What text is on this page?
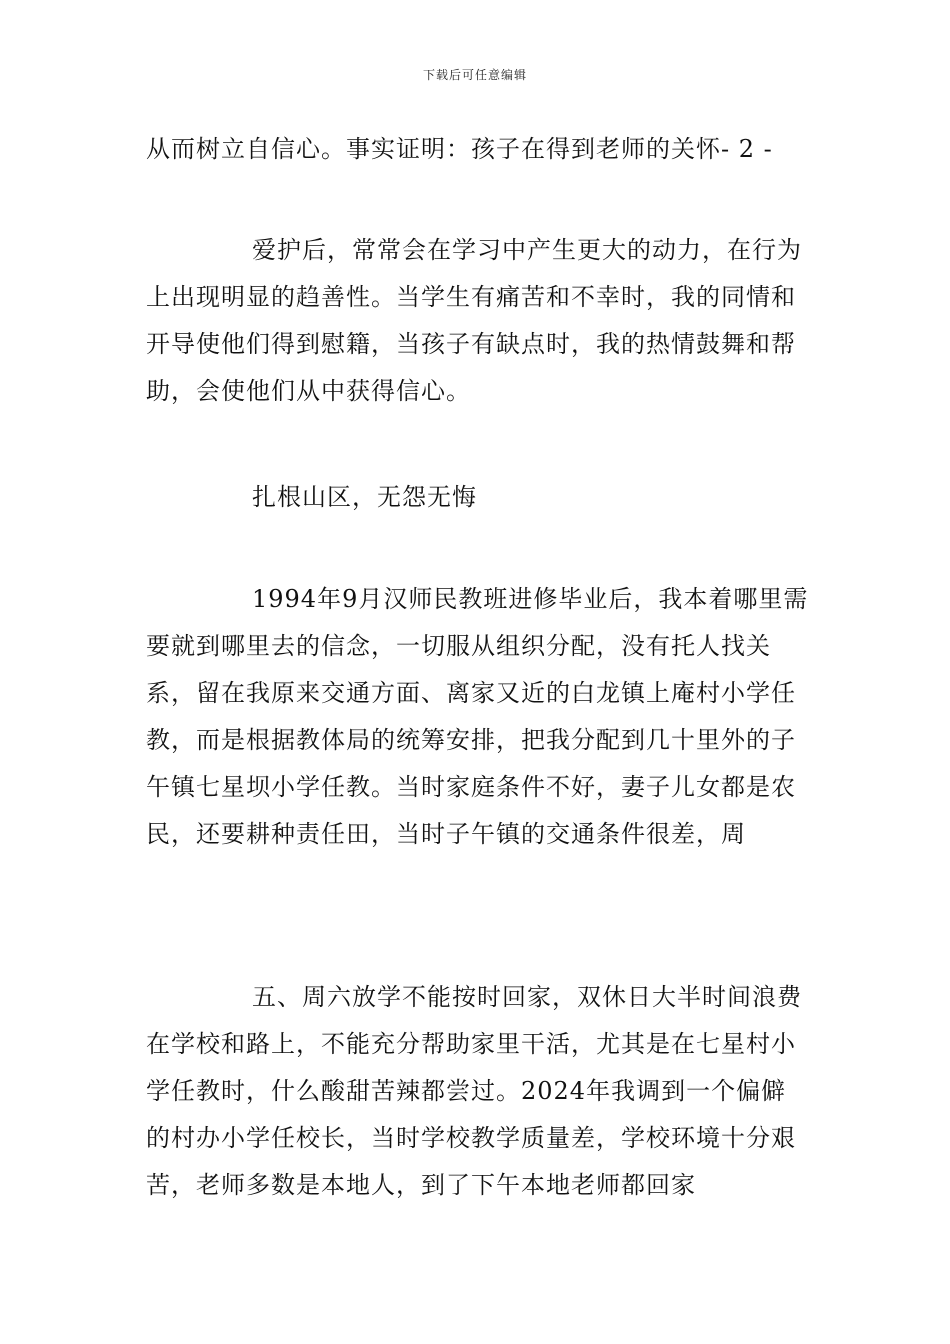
下载后可任意编辑

从而树立自信心。事实证明：孩子在得到老师的关怀- 2 -

爱护后，常常会在学习中产生更大的动力，在行为上出现明显的趋善性。当学生有痛苦和不幸时，我的同情和开导使他们得到慰籍，当孩子有缺点时，我的热情鼓舞和帮助，会使他们从中获得信心。

扎根山区，无怨无悔

1994年9月汉师民教班进修毕业后，我本着哪里需要就到哪里去的信念，一切服从组织分配，没有托人找关系，留在我原来交通方面、离家又近的白龙镇上庵村小学任教，而是根据教体局的统筹安排，把我分配到几十里外的子午镇七星坝小学任教。当时家庭条件不好，妻子儿女都是农民，还要耕种责任田，当时子午镇的交通条件很差，周

五、周六放学不能按时回家，双休日大半时间浪费在学校和路上，不能充分帮助家里干活，尤其是在七星村小学任教时，什么酸甜苦辣都尝过。2024年我调到一个偏僻的村办小学任校长，当时学校教学质量差，学校环境十分艰苦，老师多数是本地人，到了下午本地老师都回家
